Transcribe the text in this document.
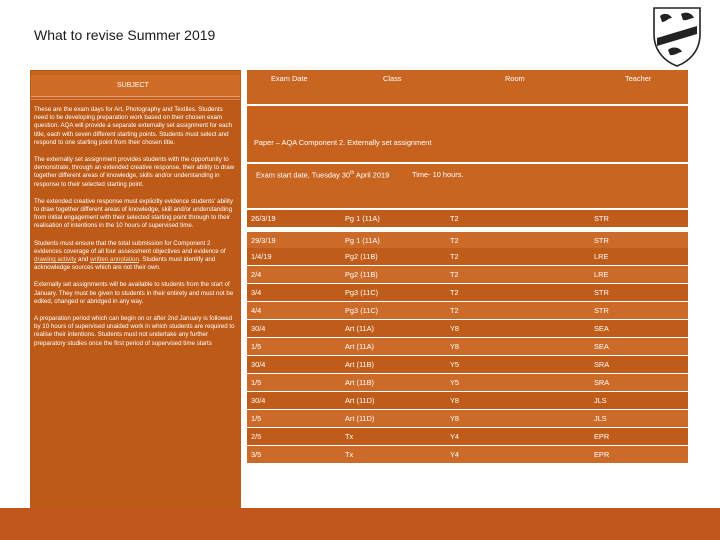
What to revise Summer 2019
SUBJECT

These are the exam days for Art, Photography and Textiles. Students need to be developing preparation work based on their chosen exam question. AQA will provide a separate externally set assignment for each title, each with seven different starting points. Students must select and respond to one starting point from their chosen title.

The externally set assignment provides students with the opportunity to demonstrate, through an extended creative response, their ability to draw together different areas of knowledge, skills and/or understanding in response to their selected starting point.

The extended creative response must explicitly evidence students' ability to draw together different areas of knowledge, skill and/or understanding from initial engagement with their selected starting point through to their realisation of intentions in the 10 hours of supervised time.

Students must ensure that the total submission for Component 2 evidences coverage of all four assessment objectives and evidence of drawing activity and written annotation. Students must identify and acknowledge sources which are not their own.

Externally set assignments will be available to students from the start of January. They must be given to students in their entirety and must not be edited, changed or abridged in any way.

A preparation period which can begin on or after 2nd January is followed by 10 hours of supervised unaided work in which students are required to realise their intentions. Students must not undertake any further preparatory studies once the first period of supervised time starts

Exam Date	Class	Room	Teacher
Paper – AQA Component 2. Externally set assignment
Exam start date, Tuesday 30th April 2019	Time- 10 hours.
26/3/19	Pg 1 (11A)	T2	STR
29/3/19	Pg 1 (11A)	T2	STR
1/4/19	Pg2 (11B)	T2	LRE
2/4	Pg2 (11B)	T2	LRE
3/4	Pg3 (11C)	T2	STR
4/4	Pg3 (11C)	T2	STR
30/4	Art (11A)	Y8	SEA
1/5	Art (11A)	Y8	SEA
30/4	Art (11B)	Y5	SRA
1/5	Art (11B)	Y5	SRA
30/4	Art (11D)	Y8	JLS
1/5	Art (11D)	Y8	JLS
2/5	Tx	Y4	EPR
3/5	Tx	Y4	EPR
